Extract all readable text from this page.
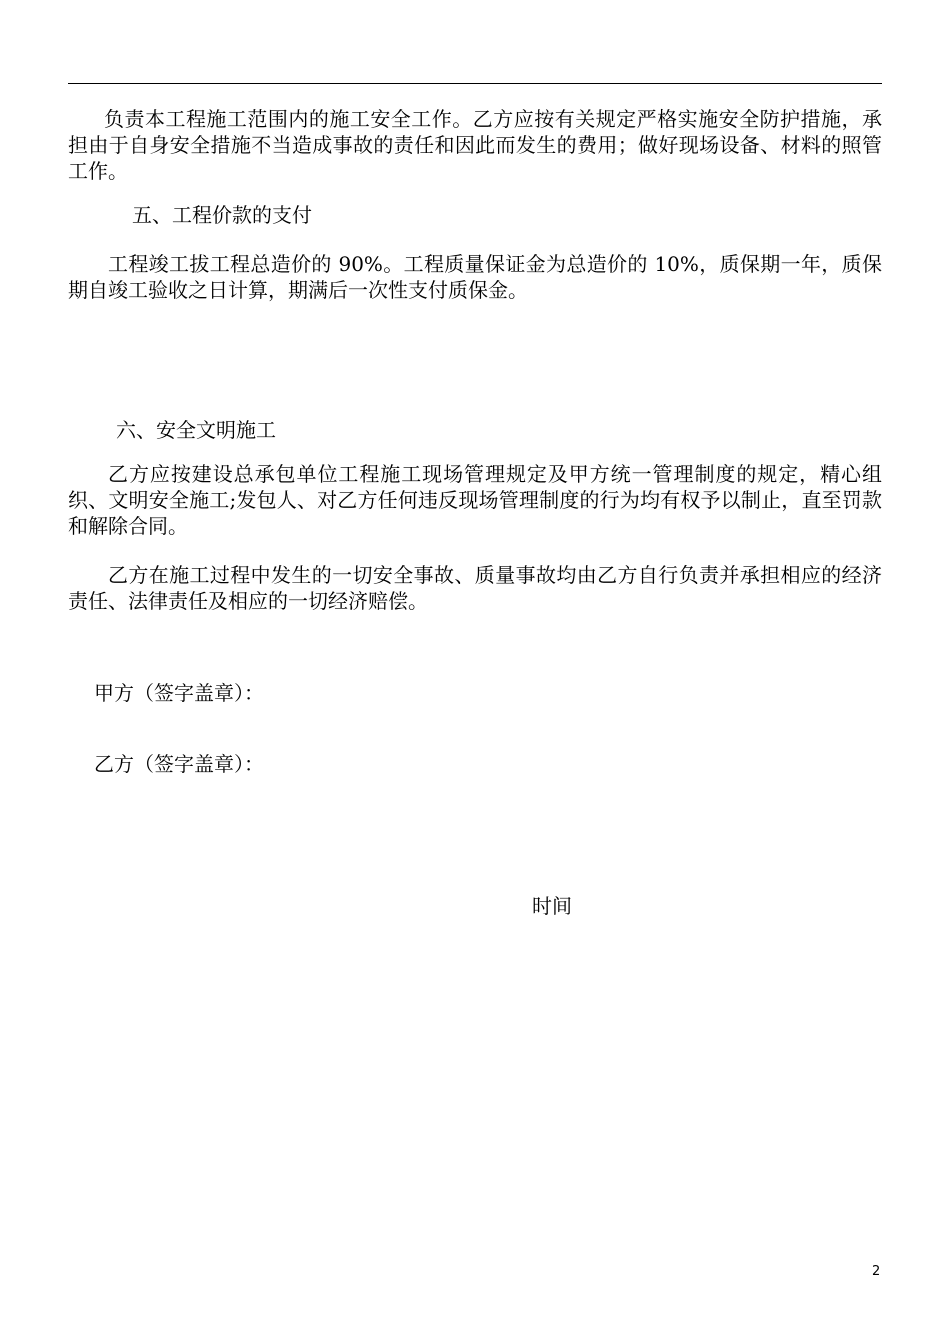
负责本工程施工范围内的施工安全工作。乙方应按有关规定严格实施安全防护措施，承担由于自身安全措施不当造成事故的责任和因此而发生的费用；做好现场设备、材料的照管工作。

五、工程价款的支付

工程竣工拔工程总造价的 90%。工程质量保证金为总造价的 10%，质保期一年，质保期自竣工验收之日计算，期满后一次性支付质保金。

六、安全文明施工

乙方应按建设总承包单位工程施工现场管理规定及甲方统一管理制度的规定，精心组织、文明安全施工;发包人、对乙方任何违反现场管理制度的行为均有权予以制止，直至罚款和解除合同。

乙方在施工过程中发生的一切安全事故、质量事故均由乙方自行负责并承担相应的经济责任、法律责任及相应的一切经济赔偿。

甲方（签字盖章）：
乙方（签字盖章）：
时间
2
